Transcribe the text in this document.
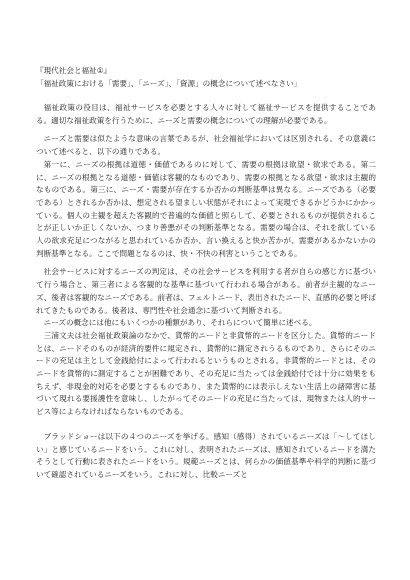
『現代社会と福祉①』

「福祉政策における「需要」、「ニーズ」、「資源」の概念について述べなさい」

福祉政策の役目は、福祉サービスを必要とする人々に対して福祉サービスを提供することである。適切な福祉政策を行うために、ニーズと需要の概念についての理解が必要である。

ニーズと需要は似たような意味の言葉であるが、社会福祉学においては区別される。その意義について述べると、以下の通りである。

第一に、ニーズの根拠は道徳・価値であるのに対して、需要の根拠は欲望・欲求である。第二に、ニーズの根拠となる道徳・価値は客観的なものであり、需要の根拠となる欲望・欲求は主観的なものである。第三に、ニーズ・需要が存在するか否かの判断基準は異なる。ニーズである（必要である）とされるか否かは、想定される望ましい状態がそれによって実現できるかどうかにかかっている。個人の主観を超えた客観的で普遍的な価値と照らして、必要とされるものが提供されることが正しいか正しくないか、つまり善悪がその判断基準となる。需要の場合は、それを欲している人の欲求充足につながると思われているか否か、言い換えると快か苦かが、需要があるかないかの判断基準となる。ここで問題となるのは、快・不快の利害ということである。

社会サービスに対するニーズの判定は、その社会サービスを利用する者が自らの感じ方に基づいて行う場合と、第三者による客観的な基準に基づいて行われる場合がある。前者が主観的なニーズ、後者は客観的なニーズである。前者は、フェルトニード、表出されたニード、直感的必要と呼ばれてきたものである。後者は、専門性や社会通念に基づいて判断される。

ニーズの概念には他にもいくつかの種類があり、それらについて簡単に述べる。

三浦文夫は社会福祉政策論のなかで、貨幣的ニードと非貨幣的ニードを区分した。貨幣的ニードとは、ニードそのものが経済的要件に規定され、貨幣的に測定されうるものであり、さらにそのニードの充足は主として金銭給付によって行われるというものとされる。非貨幣的ニードとは、そのニードを貨幣的に測定することが困難であり、その充足に当たっては金銭給付では十分に効果をもちえず、非現金的対応を必要とするものであり、また貨幣的には表示しえない生活上の諸障害に基づいて現れる要援護性を意味し、したがってそのニードの充足に当たっては、現物または人的サービス等によらなければならないものである。

ブラッドショーは以下の４つのニーズを挙げる。感知（感得）されているニーズは「～してほしい」と感じているニードをいう。これに対し、表明されたニーズは、感知されているニードを満たそうとして行動に表されたニードをいう。規範ニーズとは、何らかの価値基準や科学的判断に基づいて確認されているニーズをいう。これに対し、比較ニーズと
